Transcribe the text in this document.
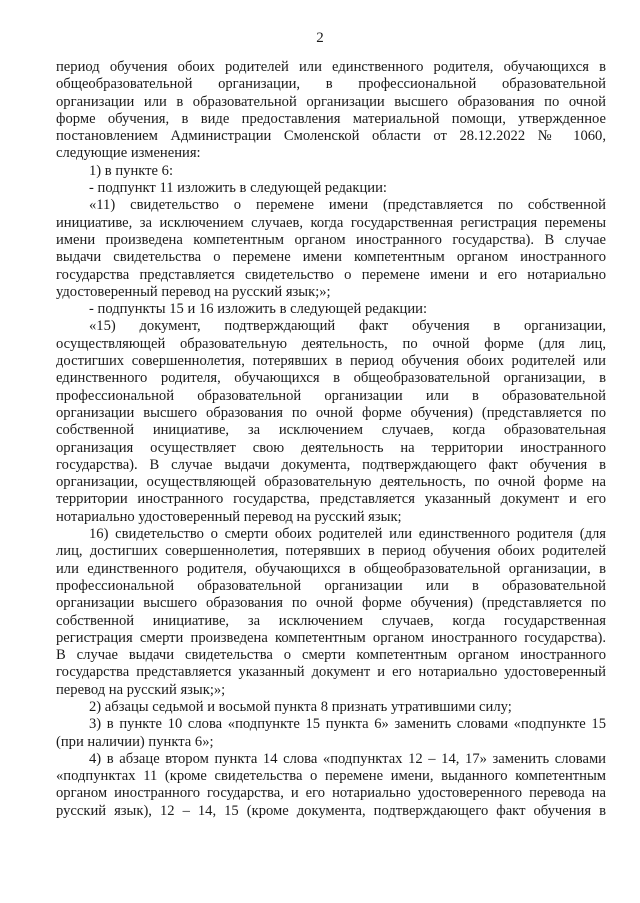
2
период обучения обоих родителей или единственного родителя, обучающихся в
общеобразовательной организации, в профессиональной образовательной
организации или в образовательной организации высшего образования по очной
форме обучения, в виде предоставления материальной помощи, утвержденное
постановлением Администрации Смоленской области от 28.12.2022 № 1060,
следующие изменения:
1) в пункте 6:
- подпункт 11 изложить в следующей редакции:
«11) свидетельство о перемене имени (представляется по собственной
инициативе, за исключением случаев, когда государственная регистрация перемены
имени произведена компетентным органом иностранного государства). В случае
выдачи свидетельства о перемене имени компетентным органом иностранного
государства представляется свидетельство о перемене имени и его нотариально
удостоверенный перевод на русский язык;»;
- подпункты 15 и 16 изложить в следующей редакции:
«15) документ, подтверждающий факт обучения в организации,
осуществляющей образовательную деятельность, по очной форме (для лиц,
достигших совершеннолетия, потерявших в период обучения обоих родителей или
единственного родителя, обучающихся в общеобразовательной организации, в
профессиональной образовательной организации или в образовательной
организации высшего образования по очной форме обучения) (представляется по
собственной инициативе, за исключением случаев, когда образовательная
организация осуществляет свою деятельность на территории иностранного
государства). В случае выдачи документа, подтверждающего факт обучения в
организации, осуществляющей образовательную деятельность, по очной форме на
территории иностранного государства, представляется указанный документ и его
нотариально удостоверенный перевод на русский язык;
16) свидетельство о смерти обоих родителей или единственного родителя (для
лиц, достигших совершеннолетия, потерявших в период обучения обоих родителей
или единственного родителя, обучающихся в общеобразовательной организации, в
профессиональной образовательной организации или в образовательной
организации высшего образования по очной форме обучения) (представляется по
собственной инициативе, за исключением случаев, когда государственная
регистрация смерти произведена компетентным органом иностранного государства).
В случае выдачи свидетельства о смерти компетентным органом иностранного
государства представляется указанный документ и его нотариально удостоверенный
перевод на русский язык;»;
2) абзацы седьмой и восьмой пункта 8 признать утратившими силу;
3) в пункте 10 слова «подпункте 15 пункта 6» заменить словами «подпункте 15
(при наличии) пункта 6»;
4) в абзаце втором пункта 14 слова «подпунктах 12 – 14, 17» заменить словами
«подпунктах 11 (кроме свидетельства о перемене имени, выданного компетентным
органом иностранного государства, и его нотариально удостоверенного перевода на
русский язык), 12 – 14, 15 (кроме документа, подтверждающего факт обучения в
